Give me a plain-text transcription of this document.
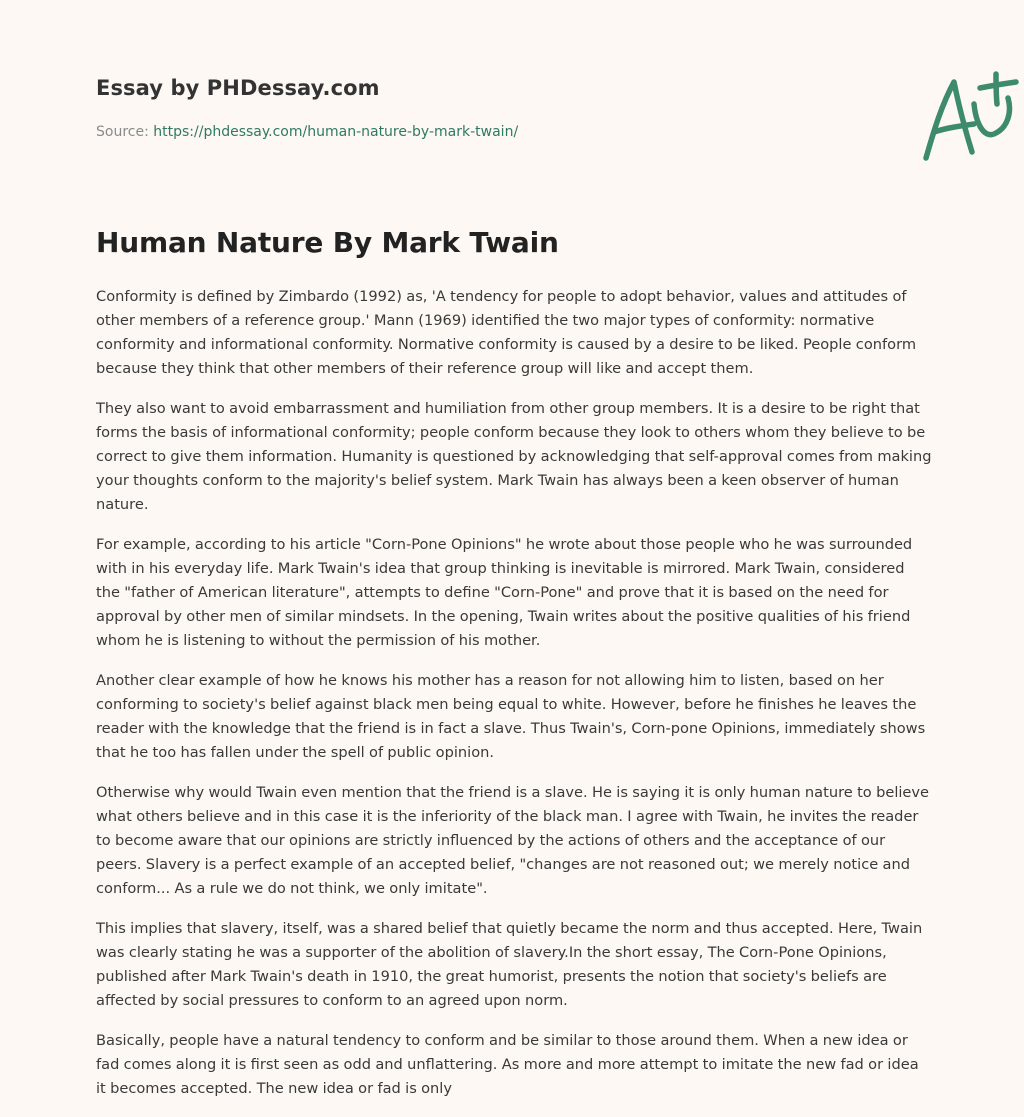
Essay by PHDessay.com
Source: https://phdessay.com/human-nature-by-mark-twain/
Human Nature By Mark Twain

Conformity is defined by Zimbardo (1992) as, 'A tendency for people to adopt behavior, values and attitudes of other members of a reference group.' Mann (1969) identified the two major types of conformity: normative conformity and informational conformity. Normative conformity is caused by a desire to be liked. People conform because they think that other members of their reference group will like and accept them.

They also want to avoid embarrassment and humiliation from other group members. It is a desire to be right that forms the basis of informational conformity; people conform because they look to others whom they believe to be correct to give them information. Humanity is questioned by acknowledging that self-approval comes from making your thoughts conform to the majority's belief system. Mark Twain has always been a keen observer of human nature.

For example, according to his article "Corn-Pone Opinions" he wrote about those people who he was surrounded with in his everyday life. Mark Twain's idea that group thinking is inevitable is mirrored. Mark Twain, considered the "father of American literature", attempts to define "Corn-Pone" and prove that it is based on the need for approval by other men of similar mindsets. In the opening, Twain writes about the positive qualities of his friend whom he is listening to without the permission of his mother.

Another clear example of how he knows his mother has a reason for not allowing him to listen, based on her conforming to society's belief against black men being equal to white. However, before he finishes he leaves the reader with the knowledge that the friend is in fact a slave. Thus Twain's, Corn-pone Opinions, immediately shows that he too has fallen under the spell of public opinion.

Otherwise why would Twain even mention that the friend is a slave. He is saying it is only human nature to believe what others believe and in this case it is the inferiority of the black man. I agree with Twain, he invites the reader to become aware that our opinions are strictly influenced by the actions of others and the acceptance of our peers. Slavery is a perfect example of an accepted belief, "changes are not reasoned out; we merely notice and conform... As a rule we do not think, we only imitate".

This implies that slavery, itself, was a shared belief that quietly became the norm and thus accepted. Here, Twain was clearly stating he was a supporter of the abolition of slavery.In the short essay, The Corn-Pone Opinions, published after Mark Twain's death in 1910, the great humorist, presents the notion that society's beliefs are affected by social pressures to conform to an agreed upon norm.

Basically, people have a natural tendency to conform and be similar to those around them. When a new idea or fad comes along it is first seen as odd and unflattering. As more and more attempt to imitate the new fad or idea it becomes accepted. The new idea or fad is only
